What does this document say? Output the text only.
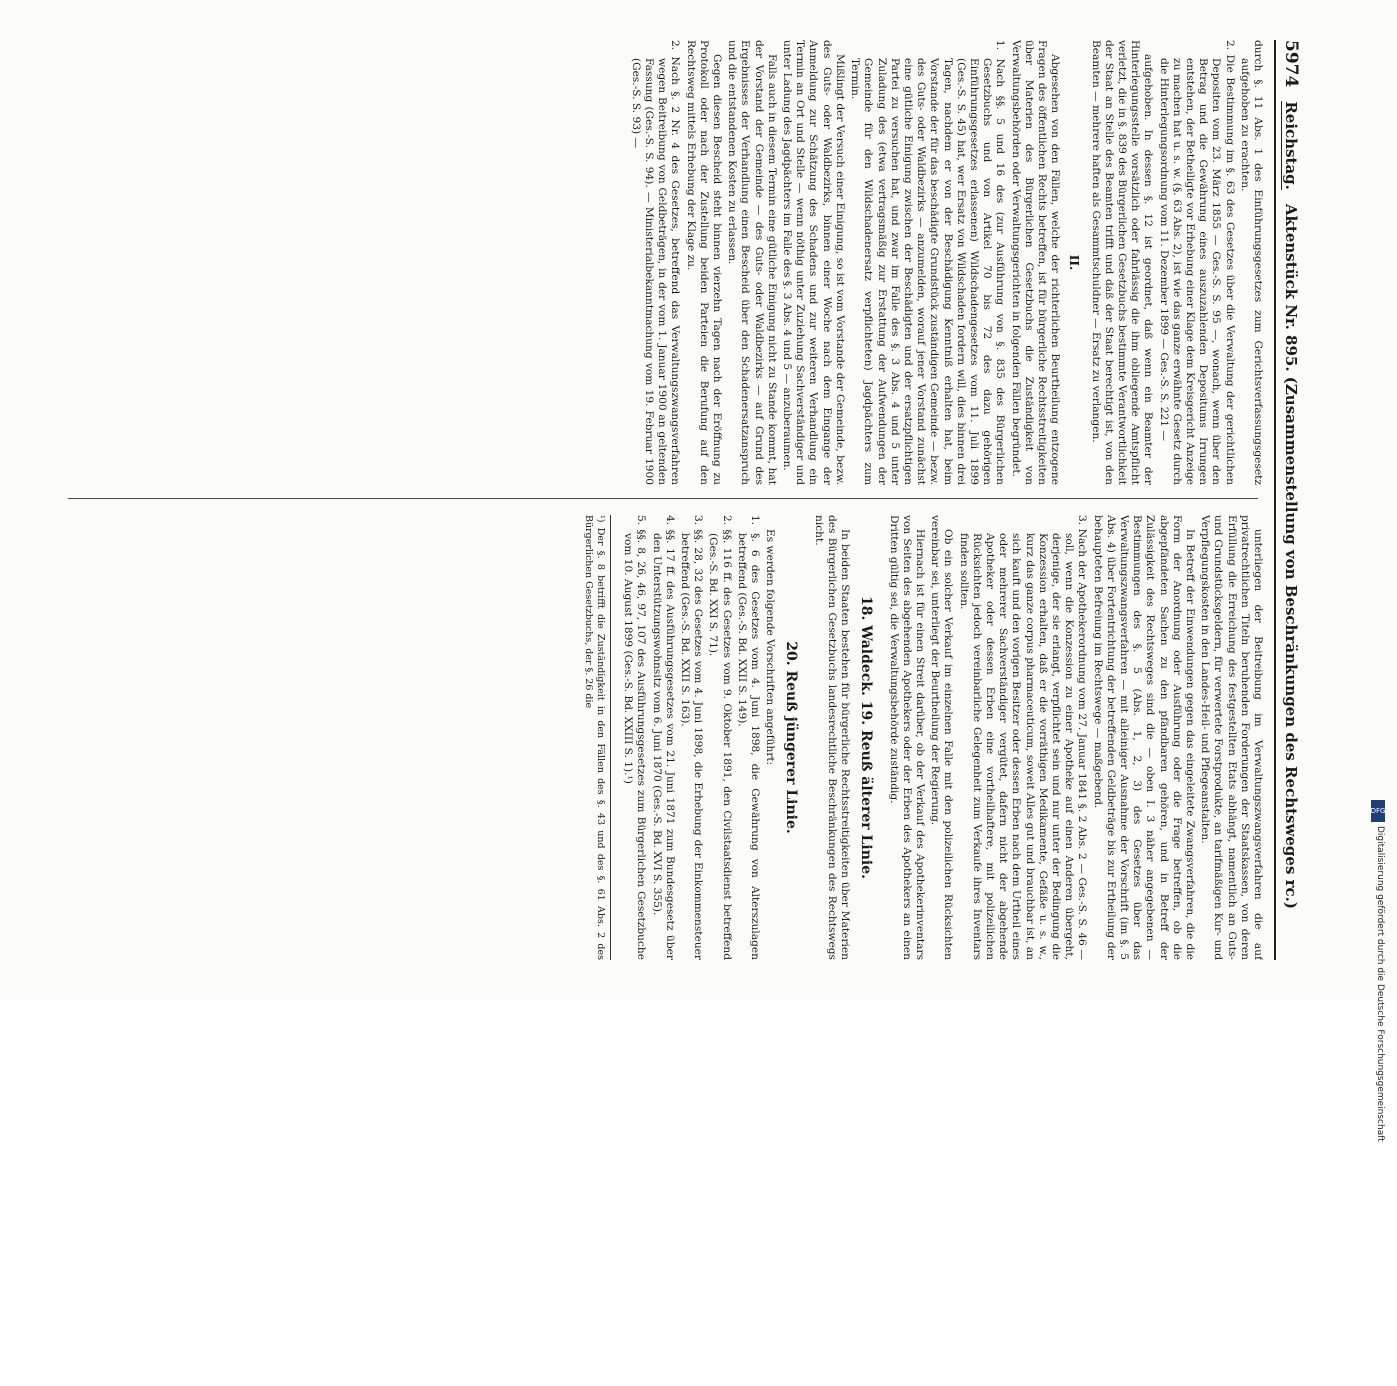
5974
Reichstag.
Aktenstück Nr. 895. (Zusammenstellung von Beschränkungen des Rechtsweges rc.)
durch §. 11 Abs. 1 des Einführungsgesetzes zum Gerichtsverfassungsgesetz aufgehoben zu erachten.
2. Die Bestimmung im §. 63 des Gesetzes über die Verwaltung der gerichtlichen Depositen vom 23. März 1855 — Ges.-S. S. 95 —, wonach, wenn über den Betrag und die Gewährung eines auszuzahlenden Depositums Irrungen entstehen, der Betheiligte vor Erhebung einer Klage dem Kreisgericht Anzeige zu machen hat u. s. w. (§. 63 Abs. 2), ist wie das ganze erwähnte Gesetz durch die Hinterlegungsordnung vom 11. Dezember 1899 — Ges.-S. S. 221 —
aufgehoben. In dessen §. 12 ist geordnet, daß wenn ein Beamter der Hinterlegungsstelle vorsätzlich oder fahrlässig die ihm obliegende Amtspflicht verletzt, die in §. 839 des Bürgerlichen Gesetzbuchs bestimmte Verantwortlichkeit der Staat an Stelle des Beamten trifft und daß der Staat berechtigt ist, von den Beamten — mehrere haften als Gesammtschuldner — Ersatz zu verlangen.
II.
Abgesehen von den Fällen, welche der richterlichen Beurtheilung entzogene Fragen des öffentlichen Rechts betreffen, ist für bürgerliche Rechtsstreitigkeiten über Materien des Bürgerlichen Gesetzbuchs die Zuständigkeit von Verwaltungsbehörden oder Verwaltungsgerichten in folgenden Fällen begründet.
1. Nach §§. 5 und 16 des (zur Ausführung von §. 835 des Bürgerlichen Gesetzbuchs und von Artikel 70 bis 72 des dazu gehörigen Einführungsgesetzes erlassenen) Wildschadengesetzes vom 11. Juli 1899 (Ges.-S. S. 45) hat, wer Ersatz von Wildschaden fordern will, dies binnen drei Tagen, nachdem er von der Beschädigung Kenntniß erhalten hat, beim Vorstande der für das beschädigte Grundstück zuständigen Gemeinde — bezw. des Guts- oder Waldbezirks — anzumelden, worauf jener Vorstand zunächst eine gütliche Einigung zwischen der Beschädigten und der ersatzpflichtigen Partei zu versuchen hat, und zwar im Falle des §. 3 Abs. 4 und 5 unter Zuladung des (etwa vertragsmäßig zur Erstattung der Aufwendungen der Gemeinde für den Wildschadenersatz verpflichteten) Jagdpächters zum Termin.
Mißlingt der Versuch einer Einigung, so ist vom Vorstande der Gemeinde, bezw. des Guts- oder Waldbezirks, binnen einer Woche nach dem Eingange der Anmeldung zur Schätzung des Schadens und zur weiteren Verhandlung ein Termin an Ort und Stelle — wenn nöthig unter Zuziehung Sachverständiger und unter Ladung des Jagdpächters im Falle des §. 3 Abs. 4 und 5 — anzuberaumen.
Falls auch in diesem Termin eine gütliche Einigung nicht zu Stande kommt, hat der Vorstand der Gemeinde — des Guts- oder Waldbezirks — auf Grund des Ergebnisses der Verhandlung einen Bescheid über den Schadenersatzanspruch und die entstandenen Kosten zu erlassen.
Gegen diesen Bescheid steht binnen vierzehn Tagen nach der Eröffnung zu Protokoll oder nach der Zustellung beiden Parteien die Berufung auf den Rechtsweg mittels Erhebung der Klage zu.
2. Nach §. 2 Nr. 4 des Gesetzes, betreffend das Verwaltungszwangsverfahren wegen Beitreibung von Geldbeträgen, in der vom 1. Januar 1900 an geltenden Fassung (Ges.-S. S. 94). — Ministerialbekanntmachung vom 19. Februar 1900 (Ges.-S. S. 93) —
unterliegen der Beitreibung im Verwaltungszwangsverfahren die auf privatrechtlichen Titeln beruhenden Forderungen der Staatskassen, von deren Erfüllung die Erreichung des festgestellten Etats abhängt, namentlich an Guts- und Grundstücksgeldern, für verwertete Forstprodukte, an tarifmäßigen Kur- und Verpflegungskosten in den Landes-Heil- und Pflegeanstalten.
In Betreff der Einwendungen gegen das eingeleitete Zwangsverfahren, die die Form der Anordnung oder Ausführung oder die Frage betreffen, ob die abgepfändeten Sachen zu den pfändbaren gehören, und in Betreff der Zulässigkeit des Rechtsweges sind die — oben I. 3 näher angegebenen — Bestimmungen des §. 5 (Abs. 1, 2, 3) des Gesetzes über das Verwaltungszwangsverfahren — mit alleiniger Ausnahme der Vorschrift (im §. 5 Abs. 4) über Fortentrichtung der betreffenden Geldbeträge bis zur Ertheilung der behaupteten Befreiung im Rechtswege — maßgebend.
3. Nach der Apothekerordnung vom 27. Januar 1841 §. 2 Abs. 2 — Ges.-S. S. 46 — soll, wenn die Konzession zu einer Apotheke auf einen Anderen übergeht, derjenige, der sie erlangt, verpflichtet sein und nur unter der Bedingung die Konzession erhalten, daß er die vorräthigen Medikamente, Gefäße u. s. w., kurz das ganze corpus pharmaceuticum, soweit Alles gut und brauchbar ist, an sich kauft und den vorigen Besitzer oder dessen Erben nach dem Urtheil eines oder mehrerer Sachverständiger vergütet, dafern nicht der abgehende Apotheker oder dessen Erben eine vortheilhaftere, mit polizeilichen Rücksichten jedoch vereinbarliche Gelegenheit zum Verkaufe ihres Inventars finden sollten.
Ob ein solcher Verkauf im einzelnen Falle mit den polizeilichen Rücksichten vereinbar sei, unterliegt der Beurtheilung der Regierung.
Hiernach ist für einen Streit darüber, ob der Verkauf des Apothekerinventars von Seiten des abgehenden Apothekers oder der Erben des Apothekers an einen Dritten gültig sei, die Verwaltungsbehörde zuständig.
18. Waldeck. 19. Reuß älterer Linie.
In beiden Staaten bestehen für bürgerliche Rechtsstreitigkeiten über Materien des Bürgerlichen Gesetzbuchs landesrechtliche Beschränkungen des Rechtswegs nicht.
20. Reuß jüngerer Linie.
Es werden folgende Vorschriften angeführt:
1. §. 6 des Gesetzes vom 4. Juni 1898, die Gewährung von Alterszulagen betreffend (Ges.-S. Bd. XXII S. 149).
2. §§. 116 ff. des Gesetzes vom 9. Oktober 1891, den Civilstaatsdienst betreffend (Ges.-S. Bd. XXI S. 71).
3. §§. 28, 32 des Gesetzes vom 4. Juni 1898, die Erhebung der Einkommensteuer betreffend (Ges.-S. Bd. XXII S. 163).
4. §§. 17 ff. des Ausführungsgesetzes vom 21. Juni 1871 zum Bundesgesetz über den Unterstützungswohnsitz vom 6. Juni 1870 (Ges.-S. Bd. XVI S. 355).
5. §§. 8, 26, 46, 97, 107 des Ausführungsgesetzes zum Bürgerlichen Gesetzbuche vom 10. August 1899 (Ges.-S. Bd. XXIII S. 1).¹)
¹) Der §. 8 betrifft die Zuständigkeit in den Fällen des §. 43 und des §. 61 Abs. 2 des Bürgerlichen Gesetzbuchs, der §. 26 die
DFG
Digitalisierung gefördert durch die Deutsche Forschungsgemeinschaft
